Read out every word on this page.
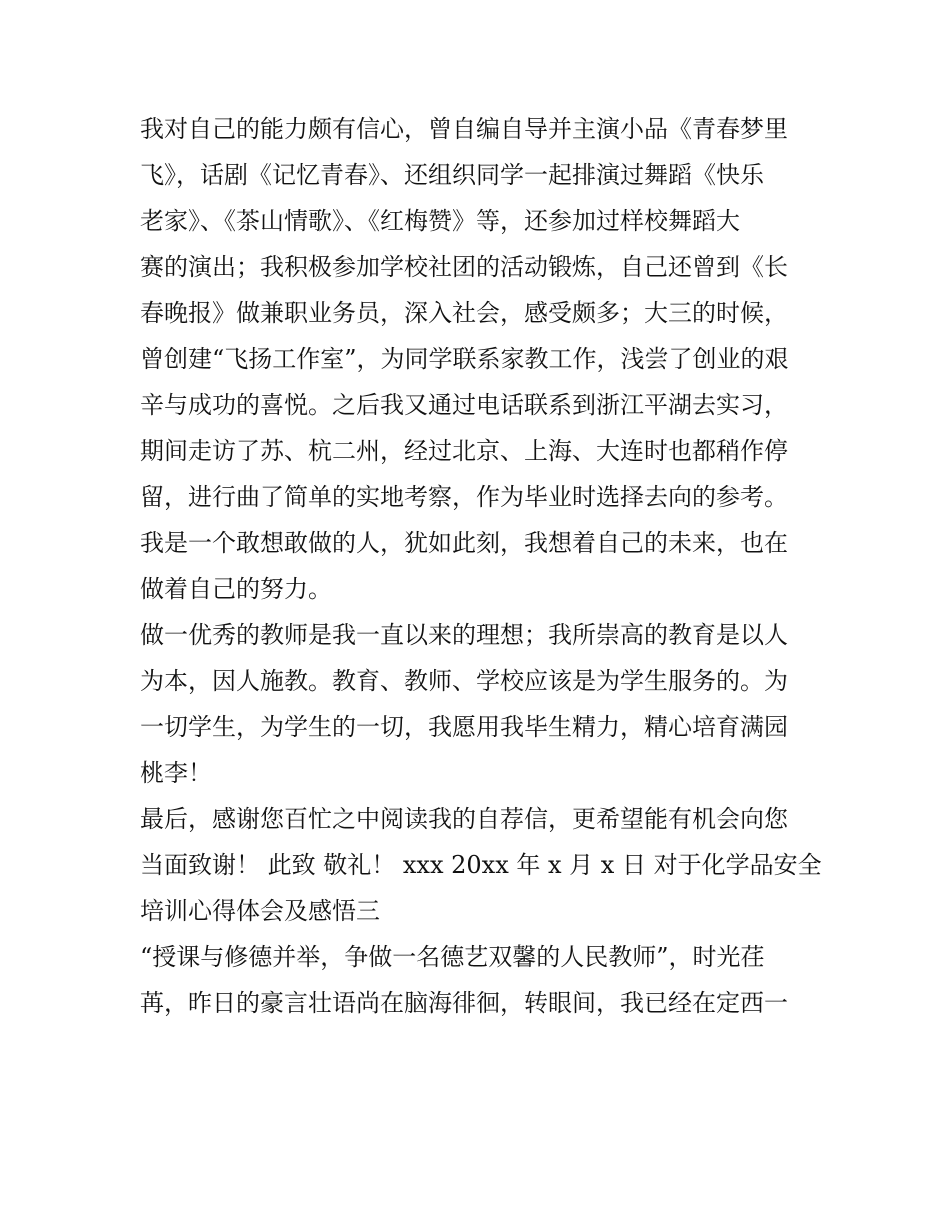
我对自己的能力颇有信心，曾自编自导并主演小品《青春梦里
飞》，话剧《记忆青春》、还组织同学一起排演过舞蹈《快乐
老家》、《茶山情歌》、《红梅赞》等，还参加过样校舞蹈大
赛的演出；我积极参加学校社团的活动锻炼，自己还曾到《长
春晚报》做兼职业务员，深入社会，感受颇多；大三的时候，
曾创建“飞扬工作室”，为同学联系家教工作，浅尝了创业的艰
辛与成功的喜悦。之后我又通过电话联系到浙江平湖去实习，
期间走访了苏、杭二州，经过北京、上海、大连时也都稍作停
留，进行曲了简单的实地考察，作为毕业时选择去向的参考。
我是一个敢想敢做的人，犹如此刻，我想着自己的未来，也在
做着自己的努力。

做一优秀的教师是我一直以来的理想；我所崇高的教育是以人
为本，因人施教。教育、教师、学校应该是为学生服务的。为
一切学生，为学生的一切，我愿用我毕生精力，精心培育满园
桃李！

最后，感谢您百忙之中阅读我的自荐信，更希望能有机会向您
当面致谢！ 此致 敬礼！ xxx 20xx 年 x 月 x 日 对于化学品安全
培训心得体会及感悟三

“授课与修德并举，争做一名德艺双馨的人民教师”，时光荏
苒，昨日的豪言壮语尚在脑海徘徊，转眼间，我已经在定西一
